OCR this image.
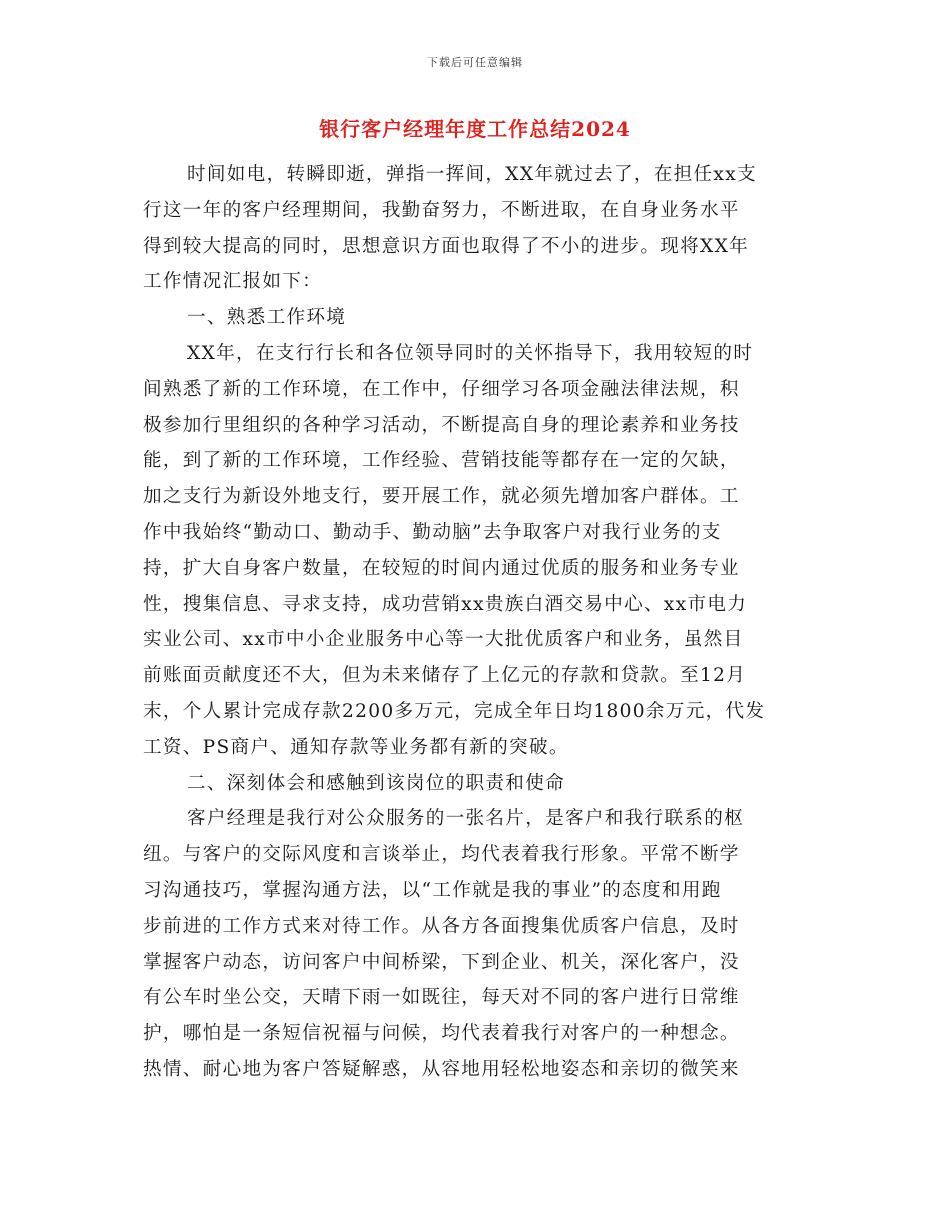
下载后可任意编辑
银行客户经理年度工作总结2024
时间如电，转瞬即逝，弹指一挥间，XX年就过去了，在担任xx支
行这一年的客户经理期间，我勤奋努力，不断进取，在自身业务水平
得到较大提高的同时，思想意识方面也取得了不小的进步。现将XX年
工作情况汇报如下：
一、熟悉工作环境
XX年，在支行行长和各位领导同时的关怀指导下，我用较短的时
间熟悉了新的工作环境，在工作中，仔细学习各项金融法律法规，积
极参加行里组织的各种学习活动，不断提高自身的理论素养和业务技
能，到了新的工作环境，工作经验、营销技能等都存在一定的欠缺，
加之支行为新设外地支行，要开展工作，就必须先增加客户群体。工
作中我始终“勤动口、勤动手、勤动脑”去争取客户对我行业务的支
持，扩大自身客户数量，在较短的时间内通过优质的服务和业务专业
性，搜集信息、寻求支持，成功营销xx贵族白酒交易中心、xx市电力
实业公司、xx市中小企业服务中心等一大批优质客户和业务，虽然目
前账面贡献度还不大，但为未来储存了上亿元的存款和贷款。至12月
末，个人累计完成存款2200多万元，完成全年日均1800余万元，代发
工资、PS商户、通知存款等业务都有新的突破。
二、深刻体会和感触到该岗位的职责和使命
客户经理是我行对公众服务的一张名片，是客户和我行联系的枢
纽。与客户的交际风度和言谈举止，均代表着我行形象。平常不断学
习沟通技巧，掌握沟通方法，以“工作就是我的事业”的态度和用跑
步前进的工作方式来对待工作。从各方各面搜集优质客户信息，及时
掌握客户动态，访问客户中间桥梁，下到企业、机关，深化客户，没
有公车时坐公交，天晴下雨一如既往，每天对不同的客户进行日常维
护，哪怕是一条短信祝福与问候，均代表着我行对客户的一种想念。
热情、耐心地为客户答疑解惑，从容地用轻松地姿态和亲切的微笑来
